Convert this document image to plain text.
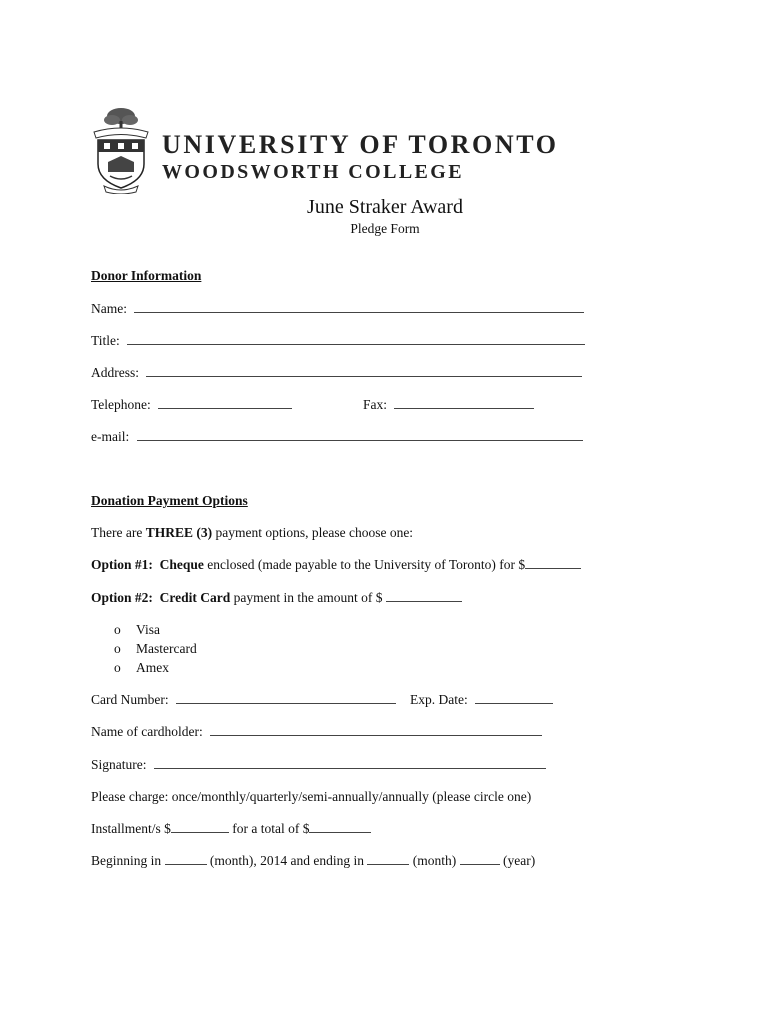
UNIVERSITY OF TORONTO
WOODSWORTH COLLEGE
June Straker Award
Pledge Form
Donor Information
Name:
Title:
Address:
Telephone:	Fax:
e-mail:
Donation Payment Options
There are THREE (3) payment options, please choose one:
Option #1: Cheque enclosed (made payable to the University of Toronto) for $
Option #2: Credit Card payment in the amount of $
o Visa
o Mastercard
o Amex
Card Number:	Exp. Date:
Name of cardholder:
Signature:
Please charge: once/monthly/quarterly/semi-annually/annually (please circle one)
Installment/s $	for a total of $
Beginning in	(month), 2014 and ending in	(month)	(year)
